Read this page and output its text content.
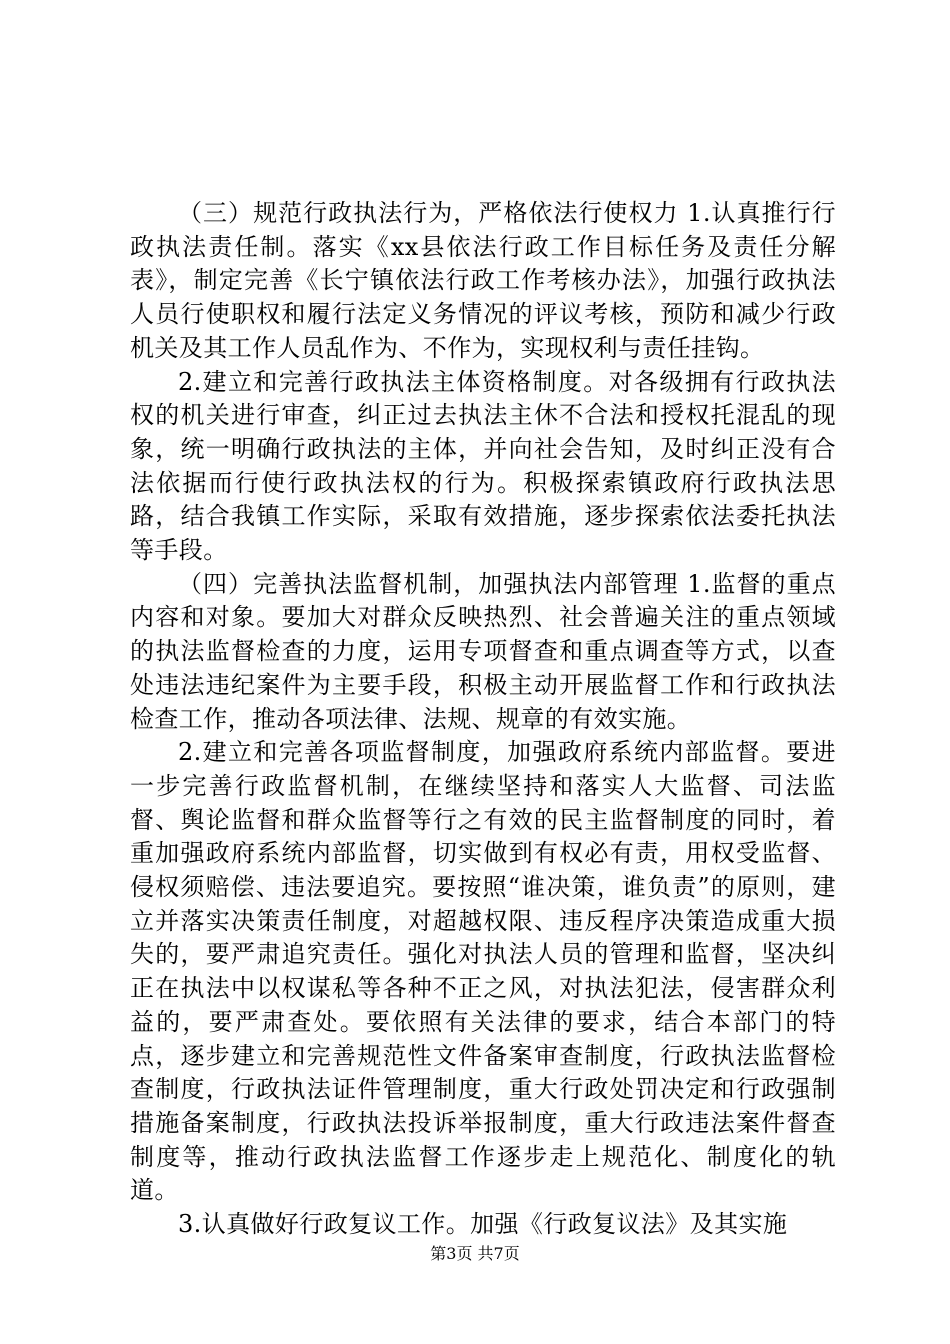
（三）规范行政执法行为，严格依法行使权力 1.认真推行行政执法责任制。落实《xx县依法行政工作目标任务及责任分解表》，制定完善《长宁镇依法行政工作考核办法》，加强行政执法人员行使职权和履行法定义务情况的评议考核，预防和减少行政机关及其工作人员乱作为、不作为，实现权利与责任挂钩。

2.建立和完善行政执法主体资格制度。对各级拥有行政执法权的机关进行审查，纠正过去执法主休不合法和授权托混乱的现象，统一明确行政执法的主体，并向社会告知，及时纠正没有合法依据而行使行政执法权的行为。积极探索镇政府行政执法思路，结合我镇工作实际，采取有效措施，逐步探索依法委托执法等手段。

（四）完善执法监督机制，加强执法内部管理 1.监督的重点内容和对象。要加大对群众反映热烈、社会普遍关注的重点领域的执法监督检查的力度，运用专项督查和重点调查等方式，以查处违法违纪案件为主要手段，积极主动开展监督工作和行政执法检查工作，推动各项法律、法规、规章的有效实施。

2.建立和完善各项监督制度，加强政府系统内部监督。要进一步完善行政监督机制，在继续坚持和落实人大监督、司法监督、舆论监督和群众监督等行之有效的民主监督制度的同时，着重加强政府系统内部监督，切实做到有权必有责，用权受监督、侵权须赔偿、违法要追究。要按照“谁决策，谁负责”的原则，建立并落实决策责任制度，对超越权限、违反程序决策造成重大损失的，要严肃追究责任。强化对执法人员的管理和监督，坚决纠正在执法中以权谋私等各种不正之风，对执法犯法，侵害群众利益的，要严肃查处。要依照有关法律的要求，结合本部门的特点，逐步建立和完善规范性文件备案审查制度，行政执法监督检查制度，行政执法证件管理制度，重大行政处罚决定和行政强制措施备案制度，行政执法投诉举报制度，重大行政违法案件督查制度等，推动行政执法监督工作逐步走上规范化、制度化的轨道。

3.认真做好行政复议工作。加强《行政复议法》及其实施

第3页 共7页
